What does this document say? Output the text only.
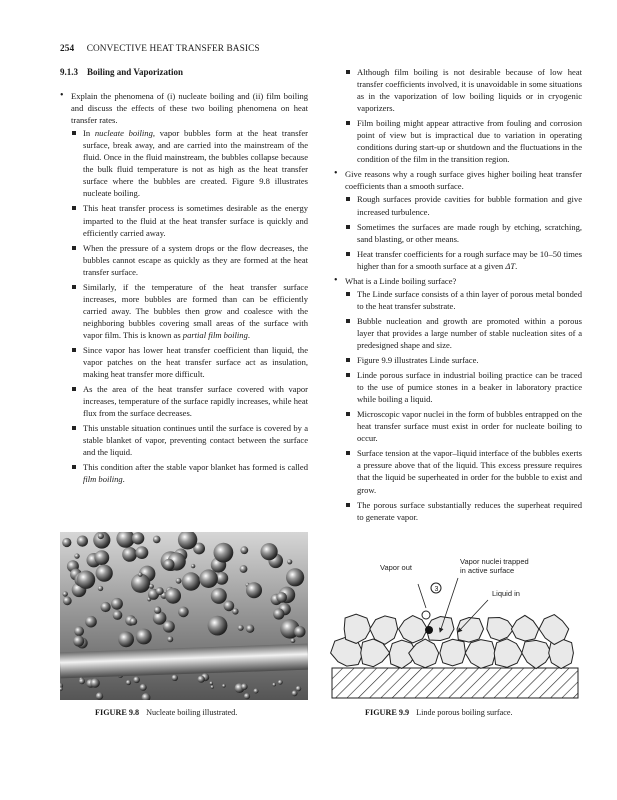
254 CONVECTIVE HEAT TRANSFER BASICS
9.1.3 Boiling and Vaporization

• Explain the phenomena of (i) nucleate boiling and (ii) film boiling and discuss the effects of these two boiling phenomena on heat transfer rates.

In nucleate boiling, vapor bubbles form at the heat transfer surface, break away, and are carried into the mainstream of the fluid. Once in the fluid mainstream, the bubbles collapse because the bulk fluid temperature is not as high as the heat transfer surface where the bubbles are created. Figure 9.8 illustrates nucleate boiling.
This heat transfer process is sometimes desirable as the energy imparted to the fluid at the heat transfer surface is quickly and efficiently carried away.
When the pressure of a system drops or the flow decreases, the bubbles cannot escape as quickly as they are formed at the heat transfer surface.
Similarly, if the temperature of the heat transfer surface increases, more bubbles are formed than can be efficiently carried away. The bubbles then grow and coalesce with the neighboring bubbles covering small areas of the surface with vapor film. This is known as partial film boiling.
Since vapor has lower heat transfer coefficient than liquid, the vapor patches on the heat transfer surface act as insulation, making heat transfer more difficult.
As the area of the heat transfer surface covered with vapor increases, temperature of the surface rapidly increases, while heat flux from the surface decreases.
This unstable situation continues until the surface is covered by a stable blanket of vapor, preventing contact between the surface and the liquid.
This condition after the stable vapor blanket has formed is called film boiling.
Although film boiling is not desirable because of low heat transfer coefficients involved, it is unavoidable in some situations as in the vaporization of low boiling liquids or in cryogenic vaporizers.
Film boiling might appear attractive from fouling and corrosion point of view but is impractical due to variation in operating conditions during start-up or shutdown and the fluctuations in the condition of the film in the transition region.

• Give reasons why a rough surface gives higher boiling heat transfer coefficients than a smooth surface.

Rough surfaces provide cavities for bubble formation and give increased turbulence.
Sometimes the surfaces are made rough by etching, scratching, sand blasting, or other means.
Heat transfer coefficients for a rough surface may be 10–50 times higher than for a smooth surface at a given ΔT.

• What is a Linde boiling surface?

The Linde surface consists of a thin layer of porous metal bonded to the heat transfer substrate.
Bubble nucleation and growth are promoted within a porous layer that provides a large number of stable nucleation sites of a predesigned shape and size.
Figure 9.9 illustrates Linde surface.
Linde porous surface in industrial boiling practice can be traced to the use of pumice stones in a beaker in laboratory practice while boiling a liquid.
Microscopic vapor nuclei in the form of bubbles entrapped on the heat transfer surface must exist in order for nucleate boiling to occur.
Surface tension at the vapor–liquid interface of the bubbles exerts a pressure above that of the liquid. This excess pressure requires that the liquid be superheated in order for the bubble to exist and grow.
The porous surface substantially reduces the superheat required to generate vapor.
3
Vapor out
Vapor nuclei trapped
in active surface
Liquid in
FIGURE 9.8 Nucleate boiling illustrated.	FIGURE 9.9 Linde porous boiling surface.
